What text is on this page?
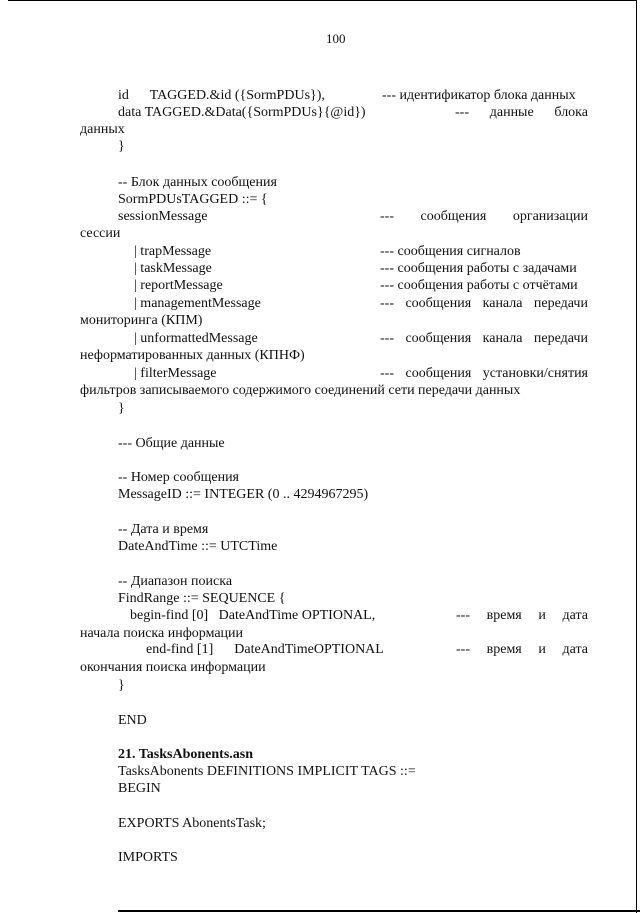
100
id      TAGGED.&id ({SormPDUs}),	--- идентификатор блока данных
data TAGGED.&Data({SormPDUs}{@id})	--- данные блока
данных
}
-- Блок данных сообщения
SormPDUsTAGGED ::= {
sessionMessage	--- сообщения организации
сессии
| trapMessage	--- сообщения сигналов
| taskMessage	--- сообщения работы с задачами
| reportMessage	--- сообщения работы с отчётами
| managementMessage	--- сообщения канала передачи
мониторинга (КПМ)
| unformattedMessage	--- сообщения канала передачи
неформатированных данных (КПНФ)
| filterMessage	--- сообщения установки/снятия
фильтров записываемого содержимого соединений сети передачи данных
}
--- Общие данные
-- Номер сообщения
MessageID ::= INTEGER (0 .. 4294967295)
-- Дата и время
DateAndTime ::= UTCTime
-- Диапазон поиска
FindRange ::= SEQUENCE {
begin-find [0]   DateAndTime OPTIONAL,	--- время и дата
начала поиска информации
end-find [1]      DateAndTimeOPTIONAL	--- время и дата
окончания поиска информации
}
END
21. TasksAbonents.asn
TasksAbonents DEFINITIONS IMPLICIT TAGS ::=
BEGIN
EXPORTS AbonentsTask;
IMPORTS
